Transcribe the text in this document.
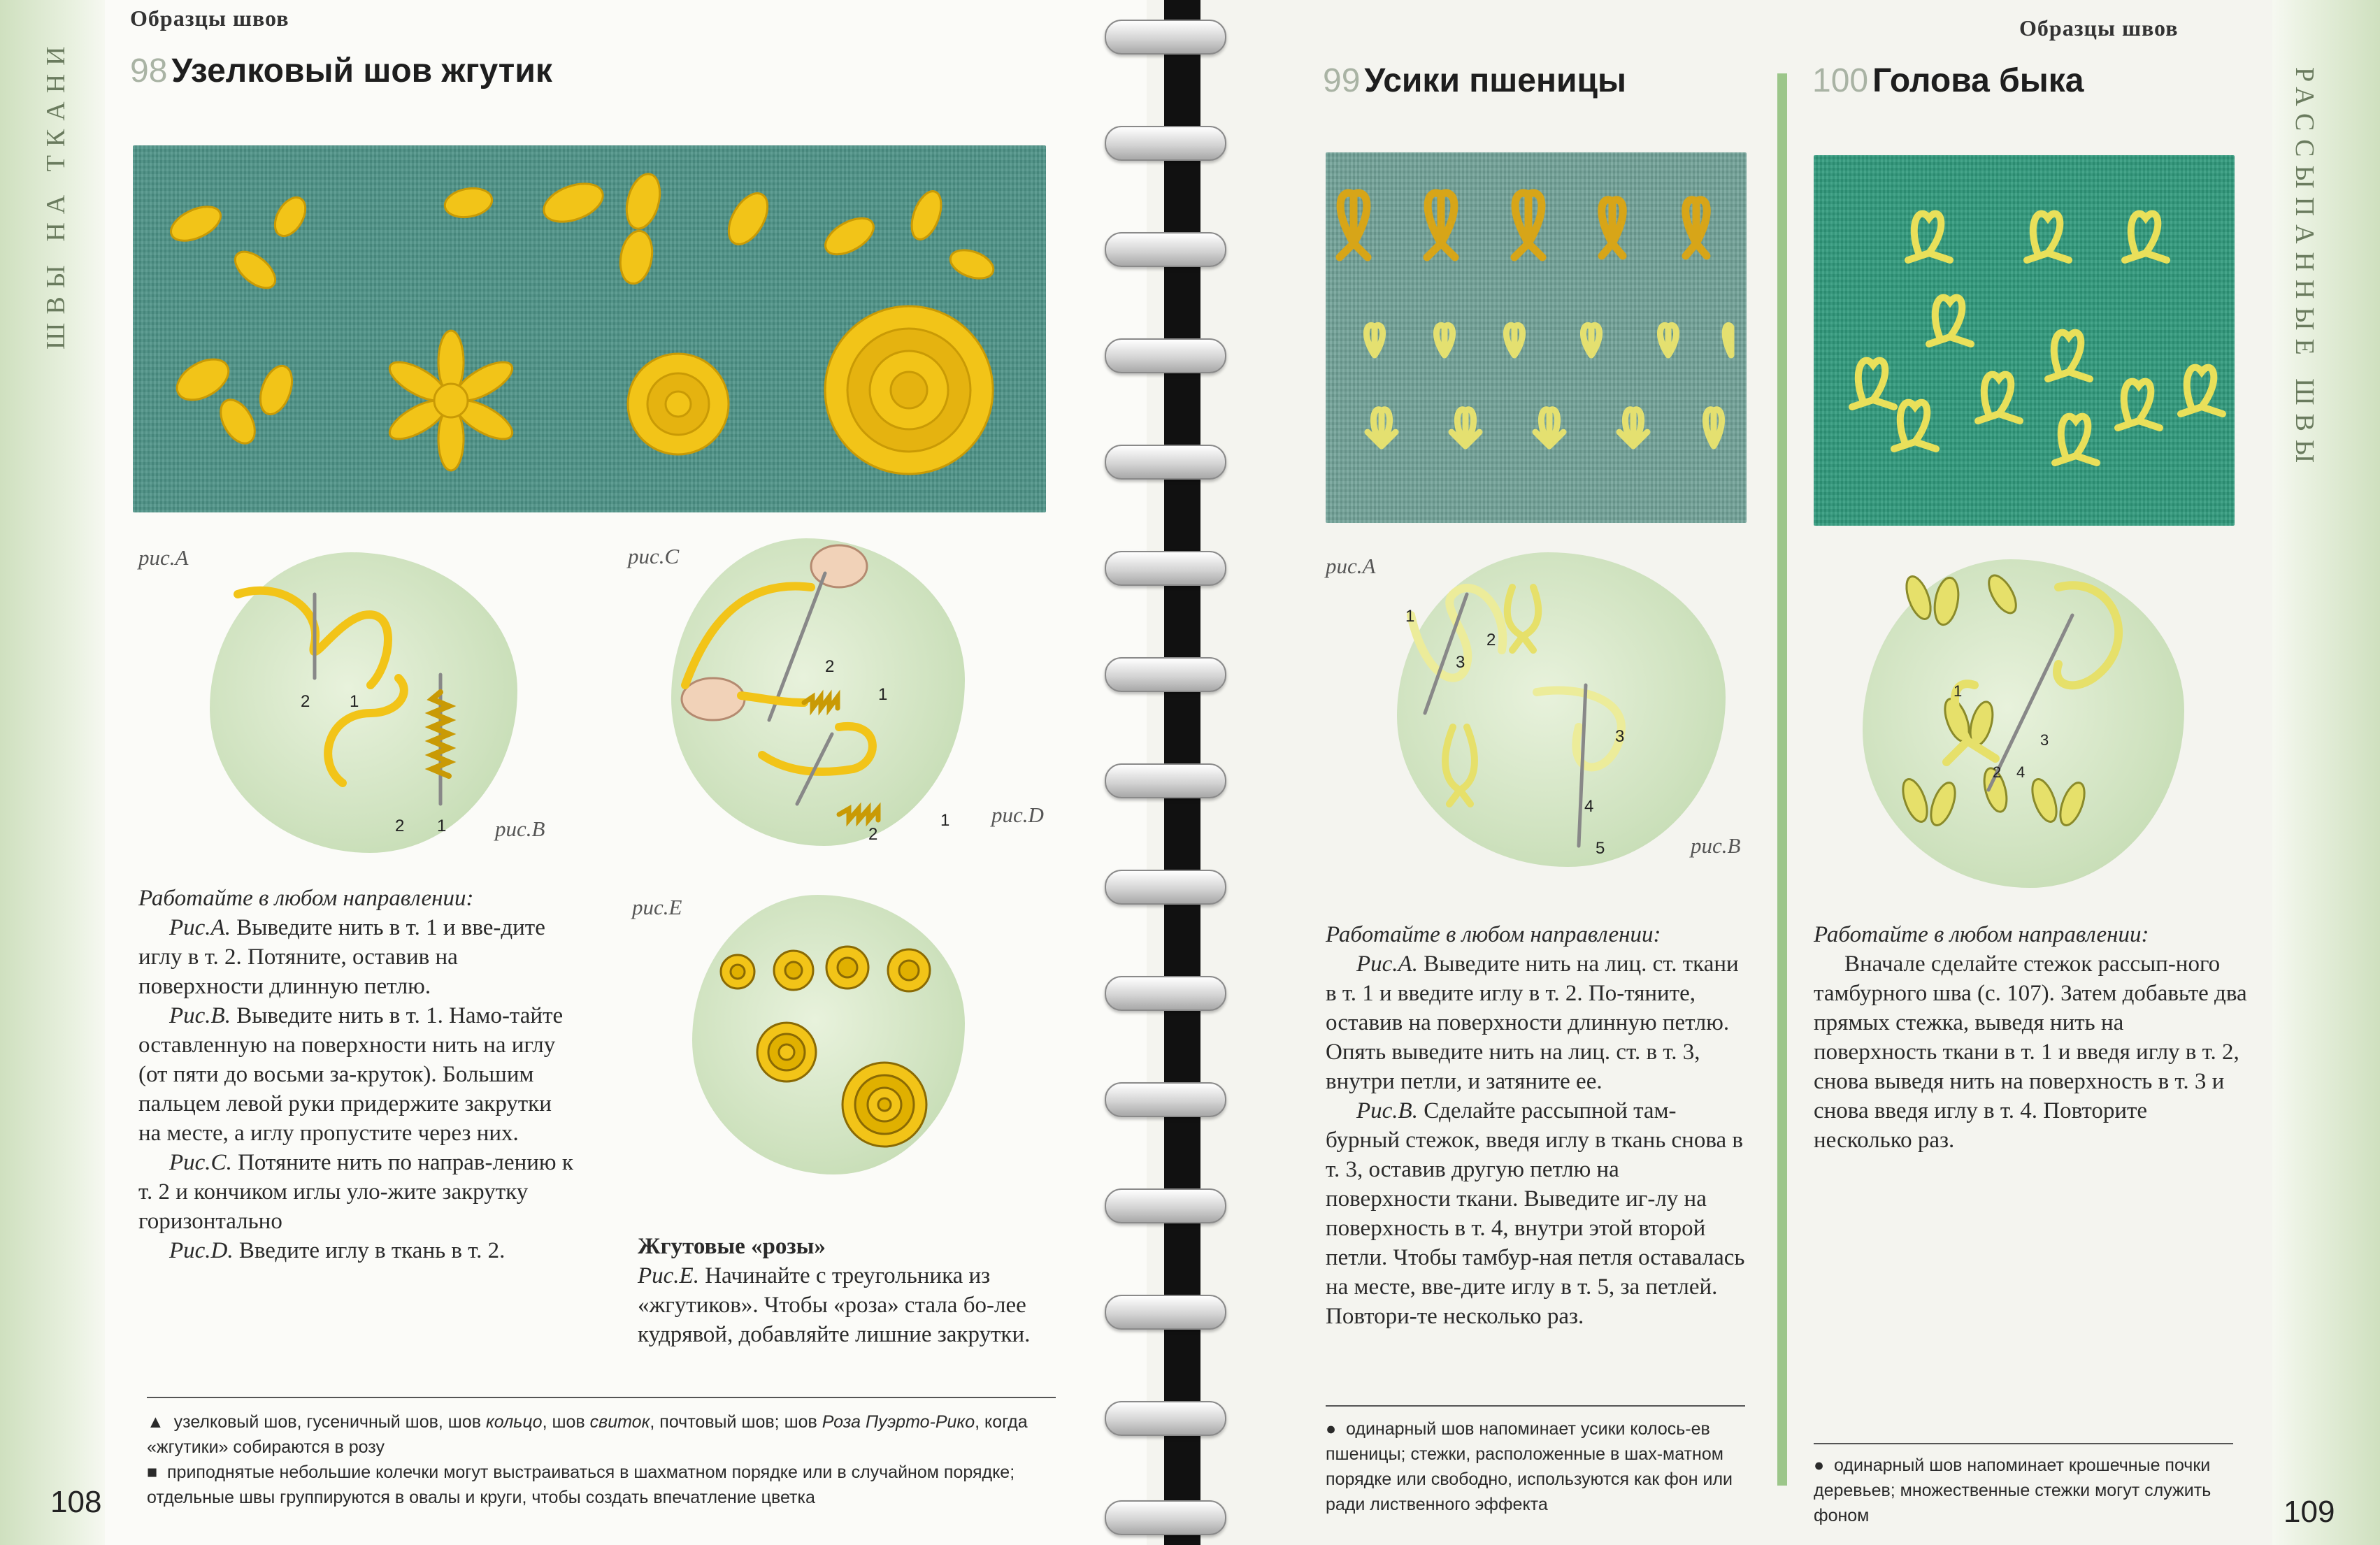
ШВЫ НА ТКАНИ
Образцы швов
98 Узелковый шов жгутик
рис.A
2 1
2 1 рис.B
рис.C
2
1
2
1 рис.D
рис.E

Работайте в любом направлении:

Рис.A. Выведите нить в т. 1 и вве-дите иглу в т. 2. Потяните, оставив на поверхности длинную петлю.

Рис.B. Выведите нить в т. 1. Намо-тайте оставленную на поверхности нить на иглу (от пяти до восьми за-круток). Большим пальцем левой руки придержите закрутки на месте, а иглу пропустите через них.

Рис.C. Потяните нить по направ-лению к т. 2 и кончиком иглы уло-жите закрутку горизонтально

Рис.D. Введите иглу в ткань в т. 2.	Жгутовые «розы»

Рис.E. Начинайте с треугольника из «жгутиков». Чтобы «роза» стала бо-лее кудрявой, добавляйте лишние закрутки.

▲ узелковый шов, гусеничный шов, шов кольцо, шов свиток, почтовый шов; шов Роза Пуэрто-Рико, когда «жгутики» собираются в розу

■ приподнятые небольшие колечки могут выстраиваться в шахматном порядке или в случайном порядке; отдельные швы группируются в овалы и круги, чтобы создать впечатление цветка

108
РАССЫПАННЫЕ ШВЫ
Образцы швов
99 Усики пшеницы
рис.A
1
2
3
3
4
5	рис.B

Работайте в любом направлении:

Рис.A. Выведите нить на лиц. ст. ткани в т. 1 и введите иглу в т. 2. По-тяните, оставив на поверхности длинную петлю. Опять выведите нить на лиц. ст. в т. 3, внутри петли, и затяните ее.

Рис.B. Сделайте рассыпной там-бурный стежок, введя иглу в ткань снова в т. 3, оставив другую петлю на поверхности ткани. Выведите иг-лу на поверхность в т. 4, внутри этой второй петли. Чтобы тамбур-ная петля оставалась на месте, вве-дите иглу в т. 5, за петлей. Повтори-те несколько раз.

● одинарный шов напоминает усики колось-ев пшеницы; стежки, расположенные в шах-матном порядке или свободно, используются как фон или ради лиственного эффекта

100 Голова быка
1
2
3
4

Работайте в любом направлении:

Вначале сделайте стежок рассып-ного тамбурного шва (с. 107). Затем добавьте два прямых стежка, выведя нить на поверхность ткани в т. 1 и введя иглу в т. 2, снова выведя нить на поверхность в т. 3 и снова введя иглу в т. 4. Повторите несколько раз.

● одинарный шов напоминает крошечные почки деревьев; множественные стежки могут служить фоном	109
